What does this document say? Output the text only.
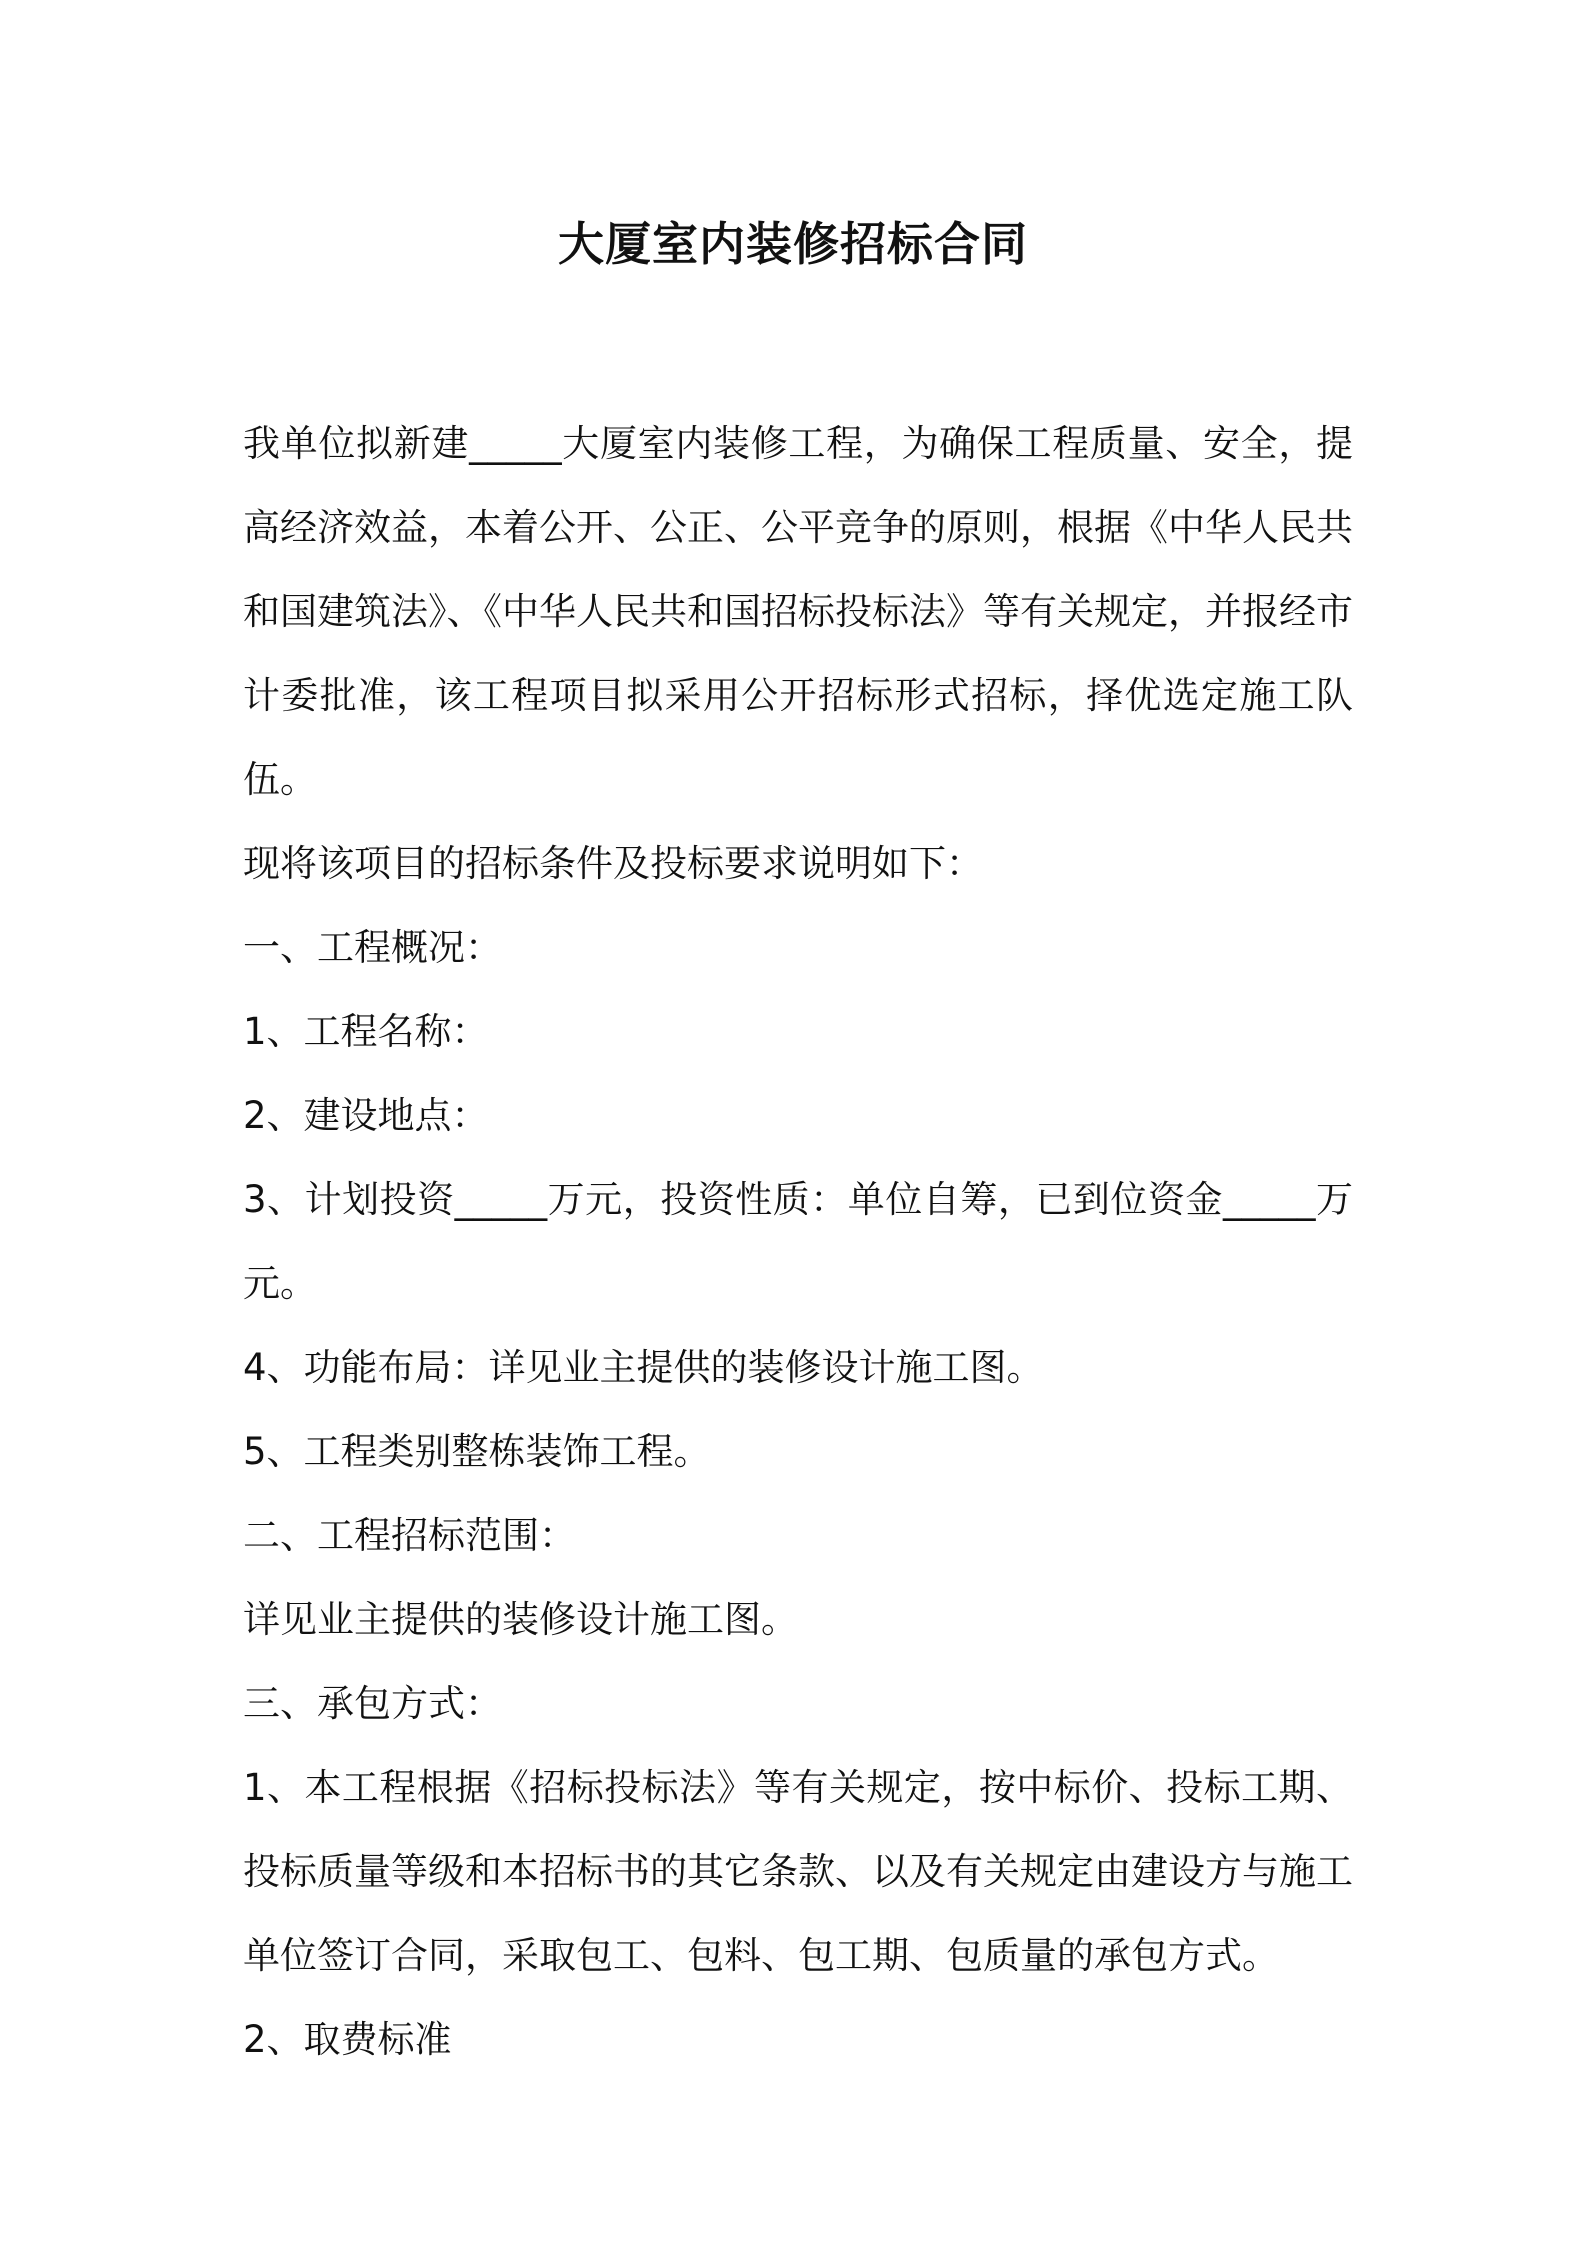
大厦室内装修招标合同

我单位拟新建_____大厦室内装修工程，为确保工程质量、安全，提高经济效益，本着公开、公正、公平竞争的原则，根据《中华人民共和国建筑法》、《中华人民共和国招标投标法》等有关规定，并报经市计委批准，该工程项目拟采用公开招标形式招标，择优选定施工队伍。

现将该项目的招标条件及投标要求说明如下：

一、工程概况：

1、工程名称：

2、建设地点：

3、计划投资_____万元，投资性质：单位自筹，已到位资金_____万元。

4、功能布局：详见业主提供的装修设计施工图。

5、工程类别整栋装饰工程。

二、工程招标范围：

详见业主提供的装修设计施工图。

三、承包方式：

1、本工程根据《招标投标法》等有关规定，按中标价、投标工期、投标质量等级和本招标书的其它条款、以及有关规定由建设方与施工单位签订合同，采取包工、包料、包工期、包质量的承包方式。

2、取费标准
